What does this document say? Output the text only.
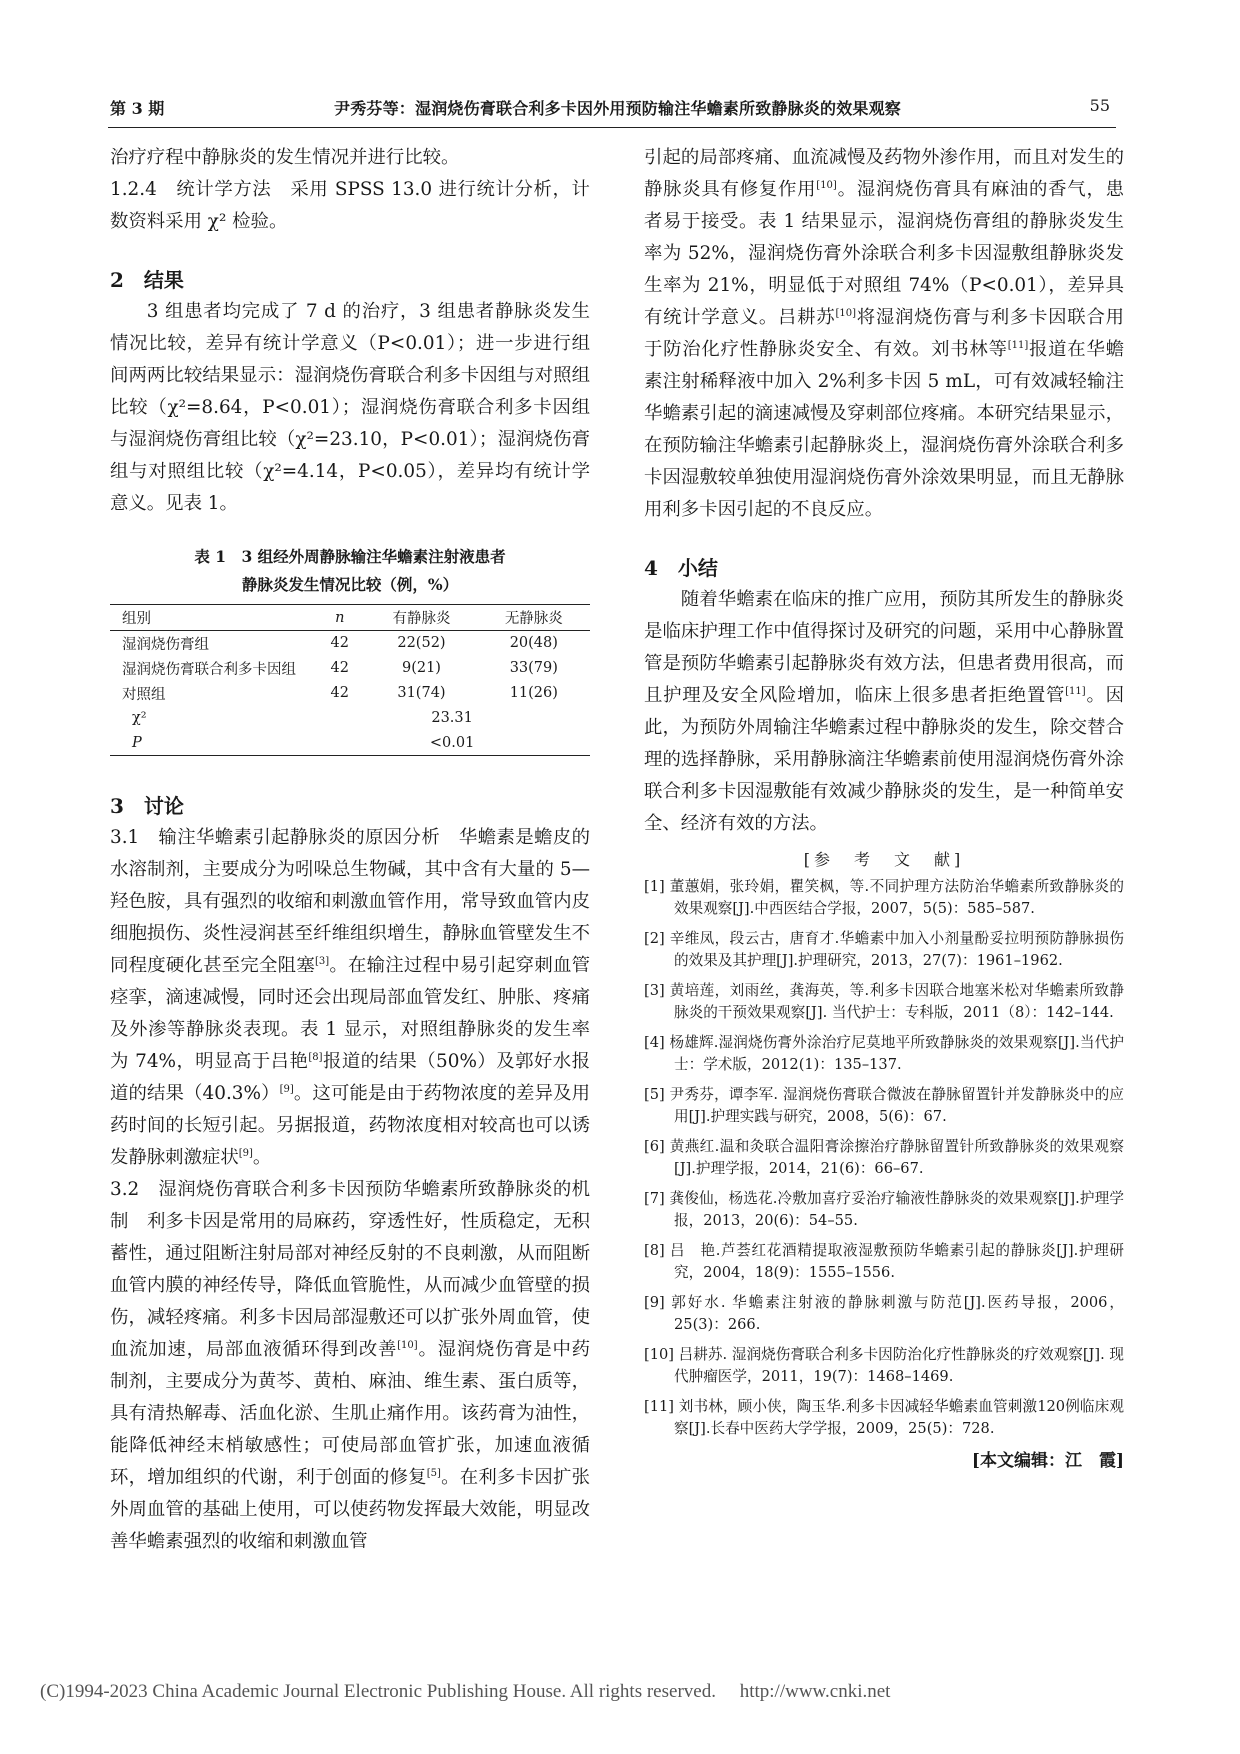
第 3 期	尹秀芬等：湿润烧伤膏联合利多卡因外用预防输注华蟾素所致静脉炎的效果观察	55

治疗疗程中静脉炎的发生情况并进行比较。

1.2.4　 统计学方法　 采用 SPSS 13.0 进行统计分析，计数资料采用 χ² 检验。

2　结果

3 组患者均完成了 7 d 的治疗，3 组患者静脉炎发生情况比较，差异有统计学意义（P<0.01）；进一步进行组间两两比较结果显示：湿润烧伤膏联合利多卡因组与对照组比较（χ²=8.64，P<0.01）；湿润烧伤膏联合利多卡因组与湿润烧伤膏组比较（χ²=23.10，P<0.01）；湿润烧伤膏组与对照组比较（χ²=4.14，P<0.05），差异均有统计学意义。见表 1。

表 1　3 组经外周静脉输注华蟾素注射液患者
静脉炎发生情况比较（例，%）
组别	n	有静脉炎	无静脉炎
湿润烧伤膏组	42	22(52)	20(48)
湿润烧伤膏联合利多卡因组	42	9(21)	33(79)
对照组	42	31(74)	11(26)
χ²	23.31		
P	<0.01		
3　讨论

3.1　输注华蟾素引起静脉炎的原因分析　 华蟾素是蟾皮的水溶制剂，主要成分为吲哚总生物碱，其中含有大量的 5—羟色胺，具有强烈的收缩和刺激血管作用，常导致血管内皮细胞损伤、炎性浸润甚至纤维组织增生，静脉血管壁发生不同程度硬化甚至完全阻塞[3]。在输注过程中易引起穿刺血管痉挛，滴速减慢，同时还会出现局部血管发红、肿胀、疼痛及外渗等静脉炎表现。表 1 显示，对照组静脉炎的发生率为 74%，明显高于吕艳[8]报道的结果（50%）及郭好水报道的结果（40.3%）[9]。这可能是由于药物浓度的差异及用药时间的长短引起。另据报道，药物浓度相对较高也可以诱发静脉刺激症状[9]。

3.2　湿润烧伤膏联合利多卡因预防华蟾素所致静脉炎的机制　 利多卡因是常用的局麻药，穿透性好，性质稳定，无积蓄性，通过阻断注射局部对神经反射的不良刺激，从而阻断血管内膜的神经传导，降低血管脆性，从而减少血管壁的损伤，减轻疼痛。利多卡因局部湿敷还可以扩张外周血管，使血流加速，局部血液循环得到改善[10]。湿润烧伤膏是中药制剂，主要成分为黄芩、黄柏、麻油、维生素、蛋白质等，具有清热解毒、活血化淤、生肌止痛作用。该药膏为油性，能降低神经末梢敏感性；可使局部血管扩张，加速血液循环，增加组织的代谢，利于创面的修复[5]。在利多卡因扩张外周血管的基础上使用，可以使药物发挥最大效能，明显改善华蟾素强烈的收缩和刺激血管

引起的局部疼痛、血流减慢及药物外渗作用，而且对发生的静脉炎具有修复作用[10]。湿润烧伤膏具有麻油的香气，患者易于接受。表 1 结果显示，湿润烧伤膏组的静脉炎发生率为 52%，湿润烧伤膏外涂联合利多卡因湿敷组静脉炎发生率为 21%，明显低于对照组 74%（P<0.01），差异具有统计学意义。吕耕苏[10]将湿润烧伤膏与利多卡因联合用于防治化疗性静脉炎安全、有效。刘书林等[11]报道在华蟾素注射稀释液中加入 2%利多卡因 5 mL，可有效减轻输注华蟾素引起的滴速减慢及穿刺部位疼痛。本研究结果显示，在预防输注华蟾素引起静脉炎上，湿润烧伤膏外涂联合利多卡因湿敷较单独使用湿润烧伤膏外涂效果明显，而且无静脉用利多卡因引起的不良反应。

4　小结

随着华蟾素在临床的推广应用，预防其所发生的静脉炎是临床护理工作中值得探讨及研究的问题，采用中心静脉置管是预防华蟾素引起静脉炎有效方法，但患者费用很高，而且护理及安全风险增加，临床上很多患者拒绝置管[11]。因此，为预防外周输注华蟾素过程中静脉炎的发生，除交替合理的选择静脉，采用静脉滴注华蟾素前使用湿润烧伤膏外涂联合利多卡因湿敷能有效减少静脉炎的发生，是一种简单安全、经济有效的方法。

[参　考　文　献]
[1] 董蕙娟，张玲娟，瞿笑枫，等.不同护理方法防治华蟾素所致静脉炎的效果观察[J].中西医结合学报，2007，5(5)：585–587.
[2] 辛维凤，段云古，唐育才.华蟾素中加入小剂量酚妥拉明预防静脉损伤的效果及其护理[J].护理研究，2013，27(7)：1961–1962.
[3] 黄培莲，刘雨丝，龚海英，等.利多卡因联合地塞米松对华蟾素所致静脉炎的干预效果观察[J]. 当代护士：专科版，2011（8）：142–144.
[4] 杨雄辉.湿润烧伤膏外涂治疗尼莫地平所致静脉炎的效果观察[J].当代护士：学术版，2012(1)：135–137.
[5] 尹秀芬，谭李军. 湿润烧伤膏联合微波在静脉留置针并发静脉炎中的应用[J].护理实践与研究，2008，5(6)：67.
[6] 黄燕红.温和灸联合温阳膏涂擦治疗静脉留置针所致静脉炎的效果观察[J].护理学报，2014，21(6)：66–67.
[7] 龚俊仙，杨选花.冷敷加喜疗妥治疗输液性静脉炎的效果观察[J].护理学报，2013，20(6)：54–55.
[8] 吕　艳.芦荟红花酒精提取液湿敷预防华蟾素引起的静脉炎[J].护理研究，2004，18(9)：1555–1556.
[9] 郭好水. 华蟾素注射液的静脉刺激与防范[J].医药导报，2006，25(3)：266.
[10] 吕耕苏. 湿润烧伤膏联合利多卡因防治化疗性静脉炎的疗效观察[J]. 现代肿瘤医学，2011，19(7)：1468–1469.
[11] 刘书林，顾小侠，陶玉华.利多卡因减轻华蟾素血管刺激120例临床观察[J].长春中医药大学学报，2009，25(5)：728.
[本文编辑：江　霞]
(C)1994-2023 China Academic Journal Electronic Publishing House. All rights reserved.　 http://www.cnki.net
